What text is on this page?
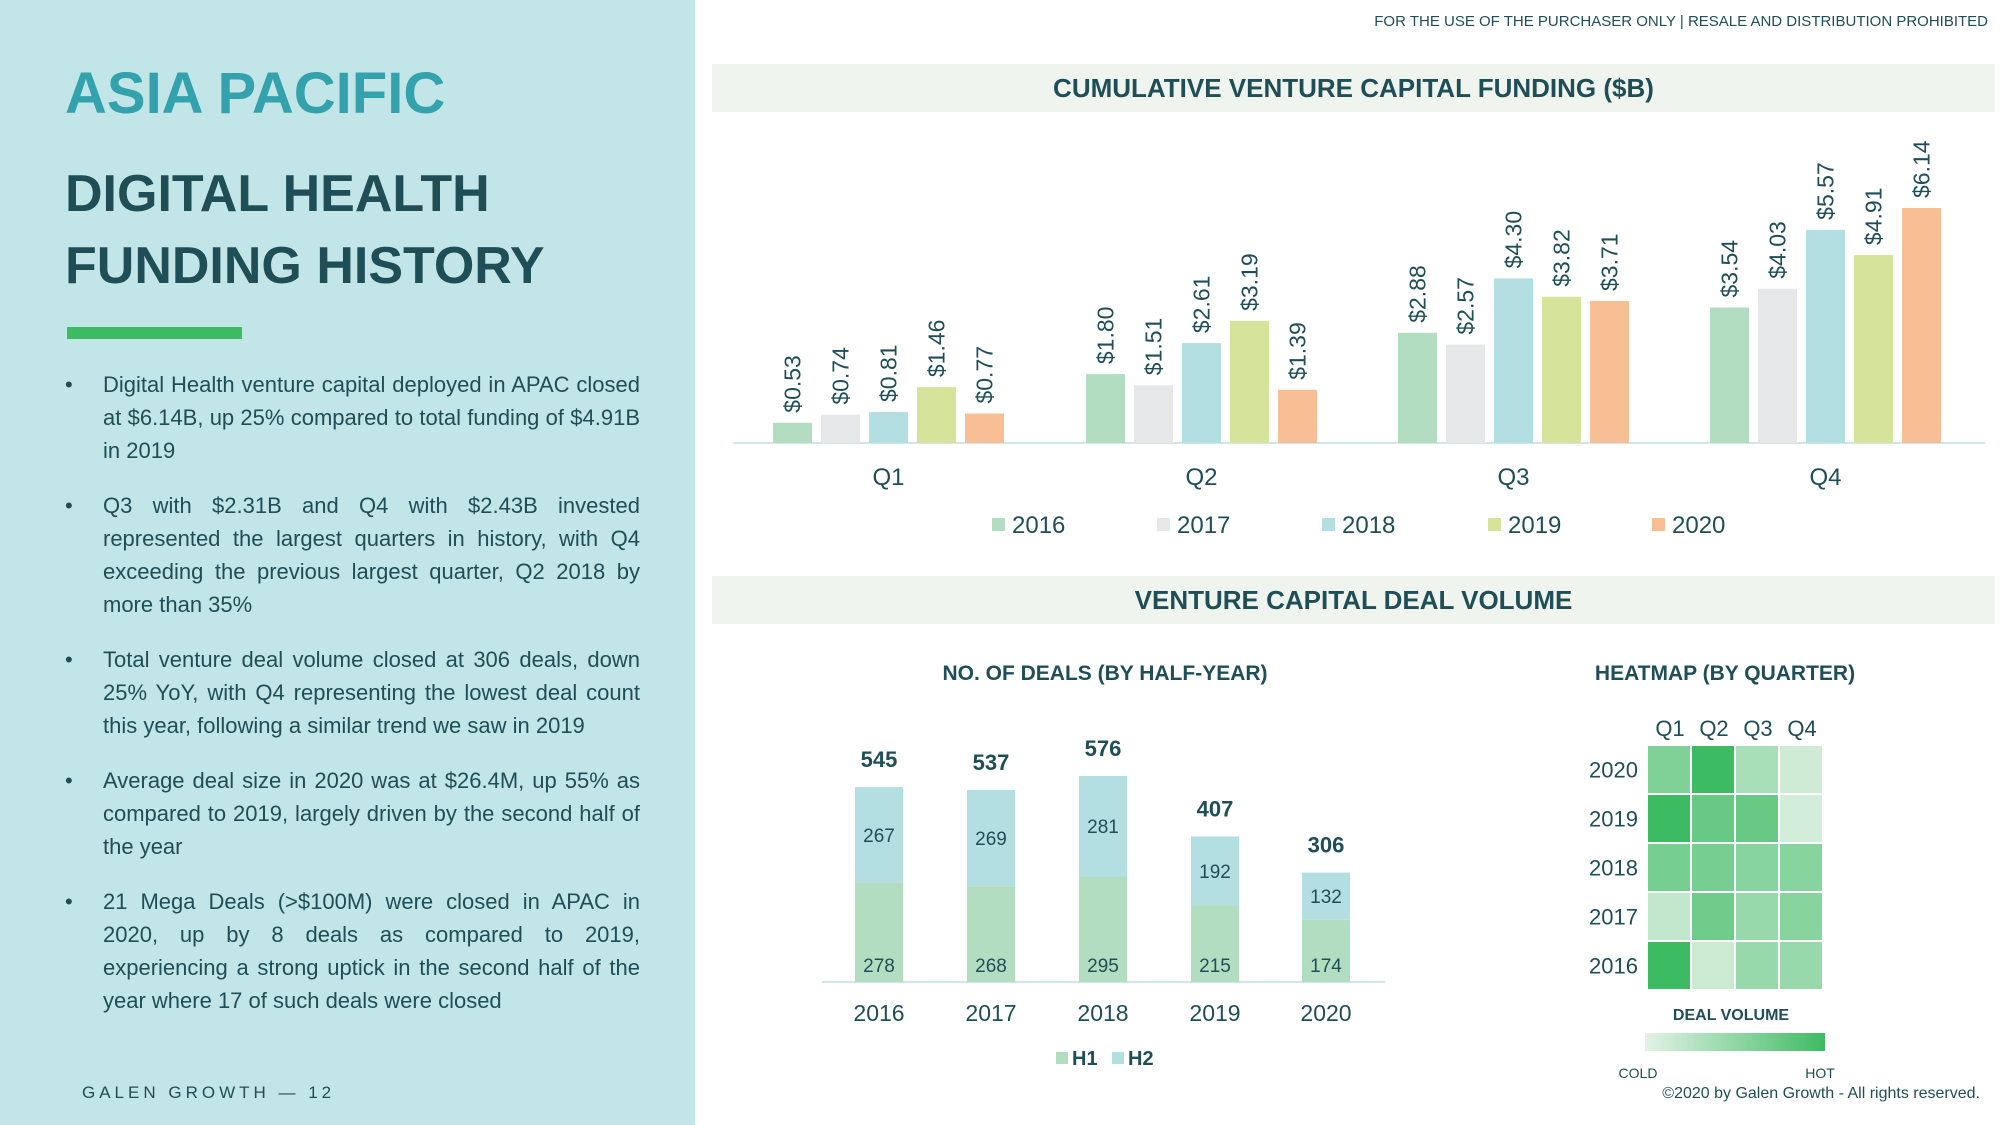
ASIA PACIFIC
DIGITAL HEALTH
FUNDING HISTORY
• Digital Health venture capital deployed in APAC closed at $6.14B, up 25% compared to total funding of $4.91B in 2019
• Q3 with $2.31B and Q4 with $2.43B invested represented the largest quarters in history, with Q4 exceeding the previous largest quarter, Q2 2018 by more than 35%
• Total venture deal volume closed at 306 deals, down 25% YoY, with Q4 representing the lowest deal count this year, following a similar trend we saw in 2019
• Average deal size in 2020 was at $26.4M, up 55% as compared to 2019, largely driven by the second half of the year
• 21 Mega Deals (>$100M) were closed in APAC in 2020, up by 8 deals as compared to 2019, experiencing a strong uptick in the second half of the year where 17 of such deals were closed
GALEN GROWTH — 12
FOR THE USE OF THE PURCHASER ONLY | RESALE AND DISTRIBUTION PROHIBITED
©2020 by Galen Growth - All rights reserved.
CUMULATIVE VENTURE CAPITAL FUNDING ($B)
VENTURE CAPITAL DEAL VOLUME
NO. OF DEALS (BY HALF-YEAR)	HEATMAP (BY QUARTER)
$0.53 $0.74 $0.81 $1.46 $0.77
Q1
$1.80 $1.51
$2.61 $3.19
$1.39
Q2
$2.88 $2.57
$4.30 $3.82 $3.71
Q3
$3.54 $4.03
$5.57 $4.91
$6.14
Q4
2016	2017	2018	2019	2020
278
267
545
2016
268
269
537
2017
295
281
576
2018
215
192
407
2019
174
132
306
2020
H1 H2
Q1 Q2 Q3 Q4
2020
2019
2018
2017
2016
DEAL VOLUME
COLD	HOT
